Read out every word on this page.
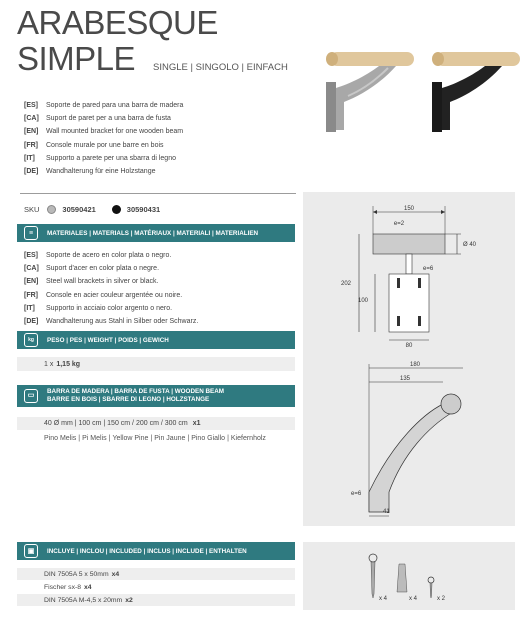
ARABESQUE
SIMPLE SINGLE | SINGOLO | EINFACH
[ES]	Soporte de pared para una barra de madera
[CA]	Suport de paret per a una barra de fusta
[EN]	Wall mounted bracket for one wooden beam
[FR]	Console murale por une barre en bois
[IT]	Supporto a parete per una sbarra di legno
[DE]	Wandhalterung für eine Holzstange
SKU	30590421	30590431
≡	MATERIALES | MATERIALS | MATÉRIAUX | MATERIALI | MATERIALIEN
[ES]	Soporte de acero en color plata o negro.
[CA]	Suport d'acer en color plata o negre.
[EN]	Steel wall brackets in silver or black.
[FR]	Console en acier couleur argentée ou noire.
[IT]	Supporto in acciaio color argento o nero.
[DE]	Wandhalterung aus Stahl in Silber oder Schwarz.
kg	PESO | PES | WEIGHT | POIDS | GEWICH
1 x 1,15 kg
▭
BARRA DE MADERA | BARRA DE FUSTA | WOODEN BEAM
BARRE EN BOIS | SBARRE DI LEGNO | HOLZSTANGE
40 Ø mm | 100 cm | 150 cm / 200 cm / 300 cm x1
Pino Melis | Pi Melis | Yellow Pine | Pin Jaune | Pino Giallo | Kiefernholz
▣	INCLUYE | INCLOU | INCLUDED | INCLUS | INCLUDE | ENTHALTEN
DIN 7505A 5 x 50mm x4
Fischer sx-8 x4
DIN 7505A M-4,5 x 20mm x2
150
e=2
Ø 40
e=6
202
100
80
180
135
e=6
41
x 4	x 4	x 2
